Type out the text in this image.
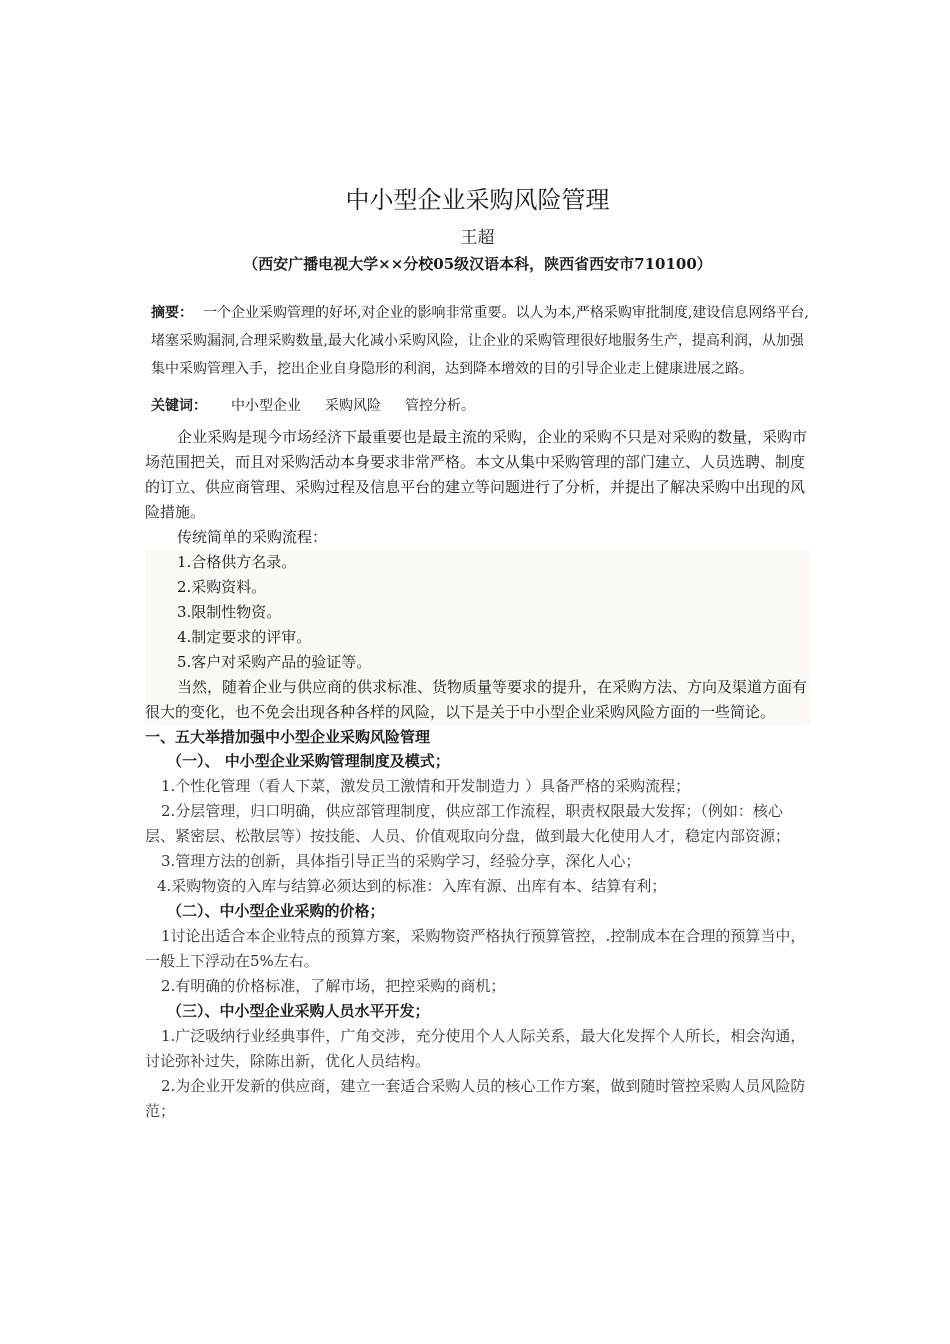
中小型企业采购风险管理
王超
（西安广播电视大学××分校05级汉语本科，陕西省西安市710100）

摘要： 一个企业采购管理的好坏,对企业的影响非常重要。以人为本,严格采购审批制度,建设信息网络平台,堵塞采购漏洞,合理采购数量,最大化减小采购风险，让企业的采购管理很好地服务生产，提高利润，从加强集中采购管理入手，挖出企业自身隐形的利润，达到降本增效的目的引导企业走上健康进展之路。

关键词： 中小型企业 采购风险 管控分析。

企业采购是现今市场经济下最重要也是最主流的采购，企业的采购不只是对采购的数量，采购市场范围把关，而且对采购活动本身要求非常严格。本文从集中采购管理的部门建立、人员选聘、制度的订立、供应商管理、采购过程及信息平台的建立等问题进行了分析，并提出了解决采购中出现的风险措施。

传统简单的采购流程：

1.合格供方名录。

2.采购资料。

3.限制性物资。

4.制定要求的评审。

5.客户对采购产品的验证等。

当然，随着企业与供应商的供求标准、货物质量等要求的提升，在采购方法、方向及渠道方面有很大的变化，也不免会出现各种各样的风险，以下是关于中小型企业采购风险方面的一些简论。

一、五大举措加强中小型企业采购风险管理

（一）、 中小型企业采购管理制度及模式；

1.个性化管理（看人下菜，激发员工激情和开发制造力 ）具备严格的采购流程；

2.分层管理，归口明确，供应部管理制度，供应部工作流程，职责权限最大发挥；（例如：核心层、紧密层、松散层等）按技能、人员、价值观取向分盘，做到最大化使用人才，稳定内部资源；

3.管理方法的创新，具体指引导正当的采购学习，经验分享，深化人心；

4.采购物资的入库与结算必须达到的标准：入库有源、出库有本、结算有利；

（二）、中小型企业采购的价格；

1讨论出适合本企业特点的预算方案，采购物资严格执行预算管控，.控制成本在合理的预算当中，一般上下浮动在5%左右。

2.有明确的价格标准，了解市场，把控采购的商机；

（三）、中小型企业采购人员水平开发；

1.广泛吸纳行业经典事件，广角交涉，充分使用个人人际关系，最大化发挥个人所长，相会沟通，讨论弥补过失，除陈出新，优化人员结构。

2.为企业开发新的供应商，建立一套适合采购人员的核心工作方案，做到随时管控采购人员风险防范；
